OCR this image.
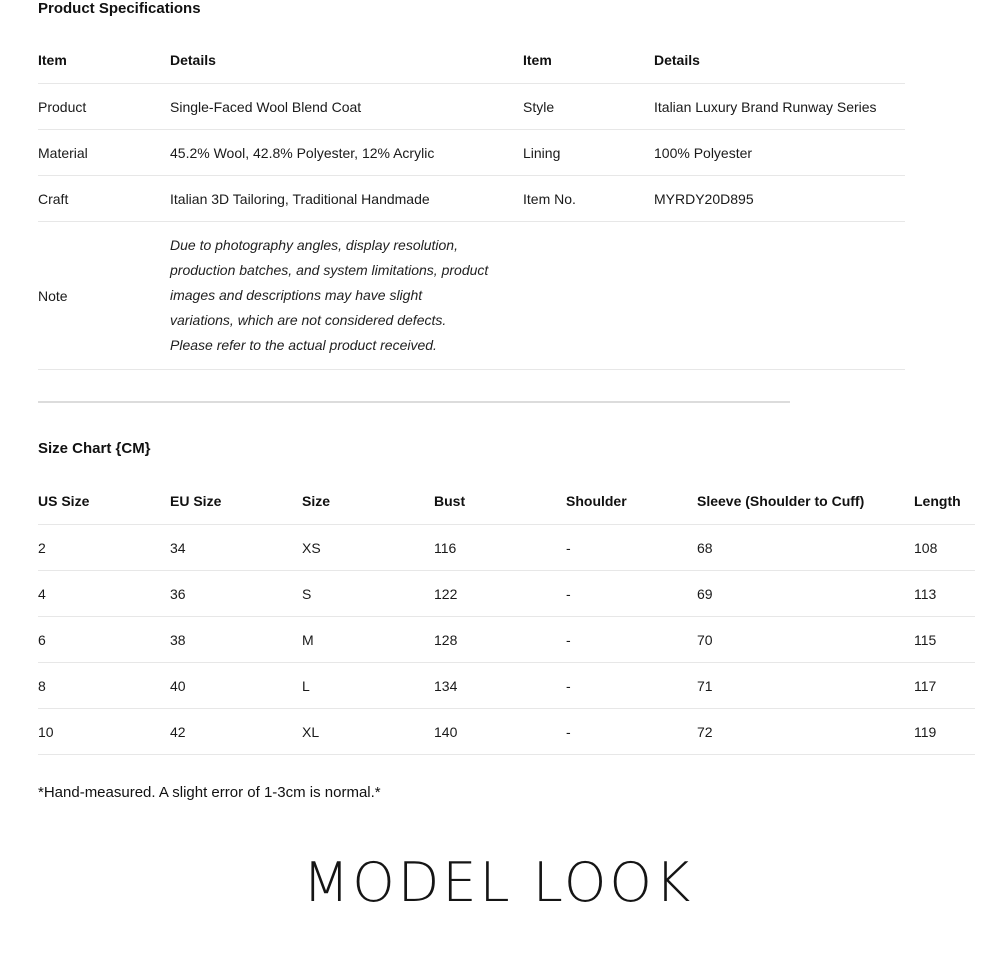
Product Specifications
Item	Details	Item	Details
Product	Single-Faced Wool Blend Coat	Style	Italian Luxury Brand Runway Series
Material	45.2% Wool, 42.8% Polyester, 12% Acrylic	Lining	100% Polyester
Craft	Italian 3D Tailoring, Traditional Handmade	Item No.	MYRDY20D895
Note	Due to photography angles, display resolution, production batches, and system limitations, product images and descriptions may have slight variations, which are not considered defects. Please refer to the actual product received.		
Size Chart {CM}
US Size	EU Size	Size	Bust	Shoulder	Sleeve (Shoulder to Cuff)	Length
2	34	XS	116	-	68	108
4	36	S	122	-	69	113
6	38	M	128	-	70	115
8	40	L	134	-	71	117
10	42	XL	140	-	72	119

*Hand-measured. A slight error of 1-3cm is normal.*

MODEL LOOK
